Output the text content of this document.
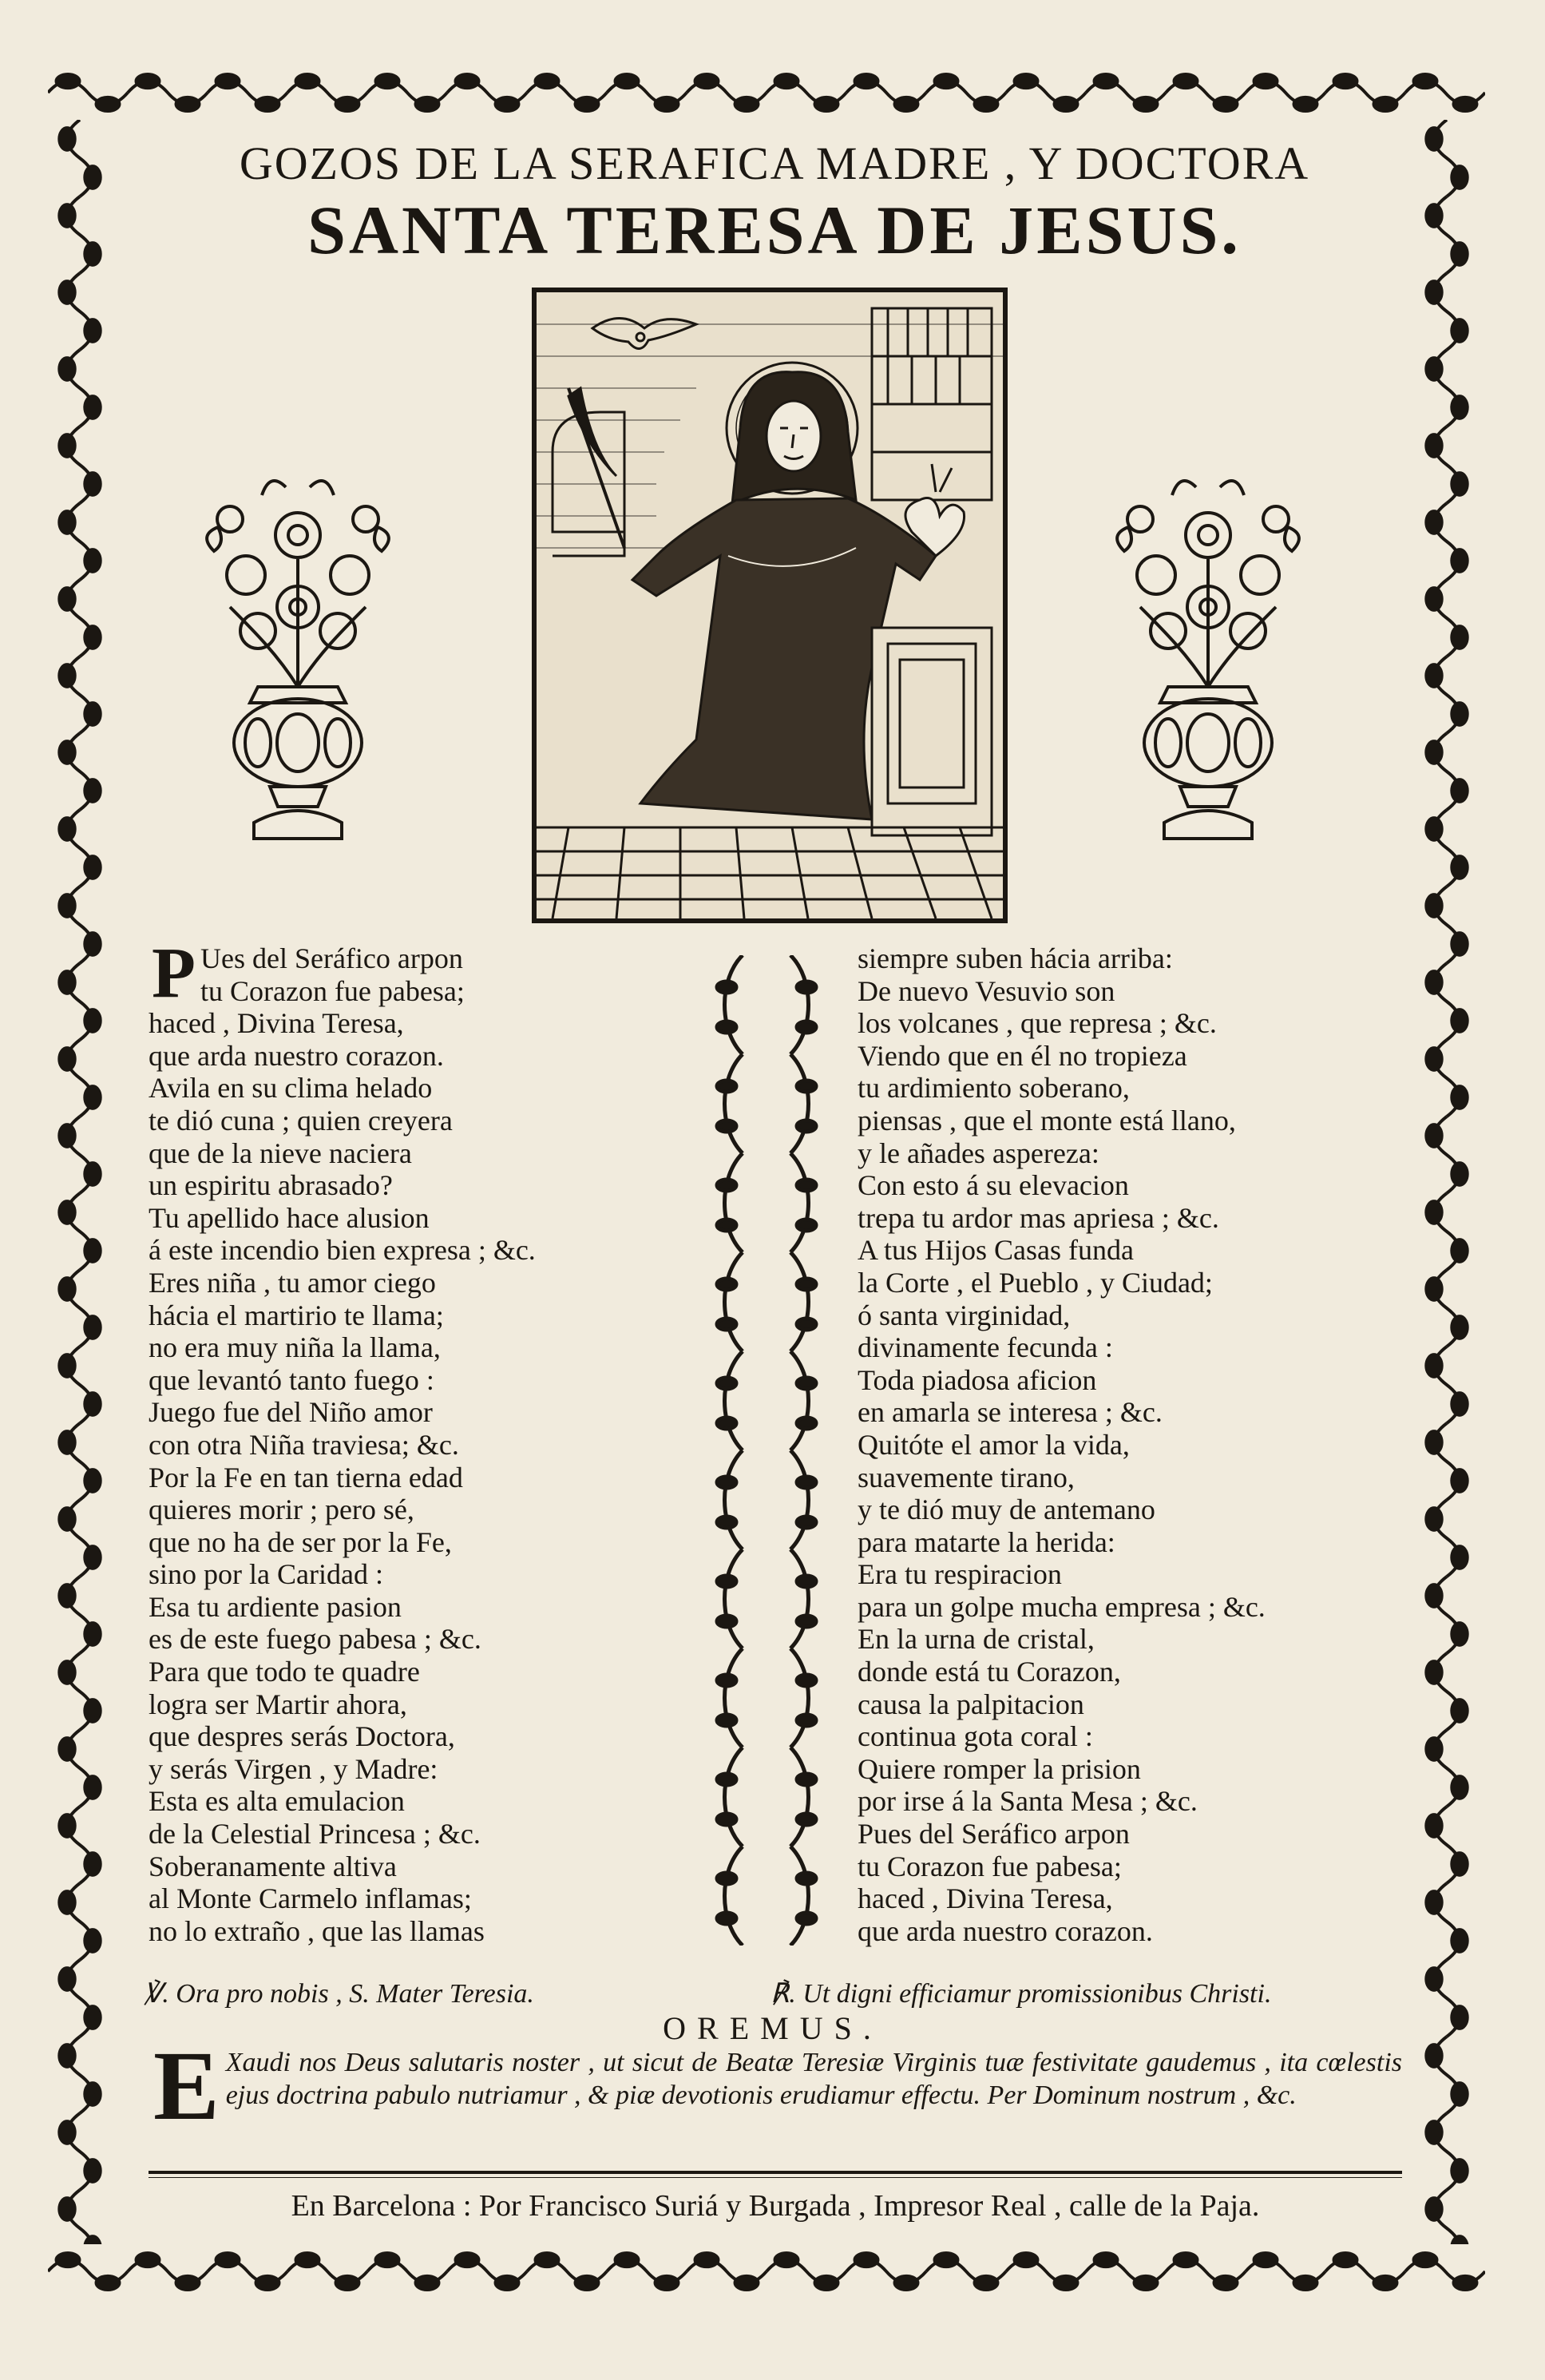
GOZOS DE LA SERAFICA MADRE , Y DOCTORA
SANTA TERESA DE JESUS.
P Ues del Seráfico arpon
tu Corazon fue pabesa;
haced , Divina Teresa,
que arda nuestro corazon.
Avila en su clima helado
te dió cuna ; quien creyera
que de la nieve naciera
un espiritu abrasado?
Tu apellido hace alusion
á este incendio bien expresa ; &c.
Eres niña , tu amor ciego
hácia el martirio te llama;
no era muy niña la llama,
que levantó tanto fuego :
Juego fue del Niño amor
con otra Niña traviesa; &c.
Por la Fe en tan tierna edad
quieres morir ; pero sé,
que no ha de ser por la Fe,
sino por la Caridad :
Esa tu ardiente pasion
es de este fuego pabesa ; &c.
Para que todo te quadre
logra ser Martir ahora,
que despres serás Doctora,
y serás Virgen , y Madre:
Esta es alta emulacion
de la Celestial Princesa ; &c.
Soberanamente altiva
al Monte Carmelo inflamas;
no lo extraño , que las llamas
siempre suben hácia arriba:
De nuevo Vesuvio son
los volcanes , que represa ; &c.
Viendo que en él no tropieza
tu ardimiento soberano,
piensas , que el monte está llano,
y le añades aspereza:
Con esto á su elevacion
trepa tu ardor mas apriesa ; &c.
A tus Hijos Casas funda
la Corte , el Pueblo , y Ciudad;
ó santa virginidad,
divinamente fecunda :
Toda piadosa aficion
en amarla se interesa ; &c.
Quitóte el amor la vida,
suavemente tirano,
y te dió muy de antemano
para matarte la herida:
Era tu respiracion
para un golpe mucha empresa ; &c.
En la urna de cristal,
donde está tu Corazon,
causa la palpitacion
continua gota coral :
Quiere romper la prision
por irse á la Santa Mesa ; &c.
Pues del Seráfico arpon
tu Corazon fue pabesa;
haced , Divina Teresa,
que arda nuestro corazon.
℣. Ora pro nobis , S. Mater Teresia.	℟. Ut digni efficiamur promissionibus Christi.
OREMUS.
E Xaudi nos Deus salutaris noster , ut sicut de Beatæ Teresiæ Virginis tuæ festivitate gaudemus , ita cœlestis ejus doctrina pabulo nutriamur , & piæ devotionis erudiamur effectu. Per Dominum nostrum , &c.
En Barcelona : Por Francisco Suriá y Burgada , Impresor Real , calle de la Paja.
